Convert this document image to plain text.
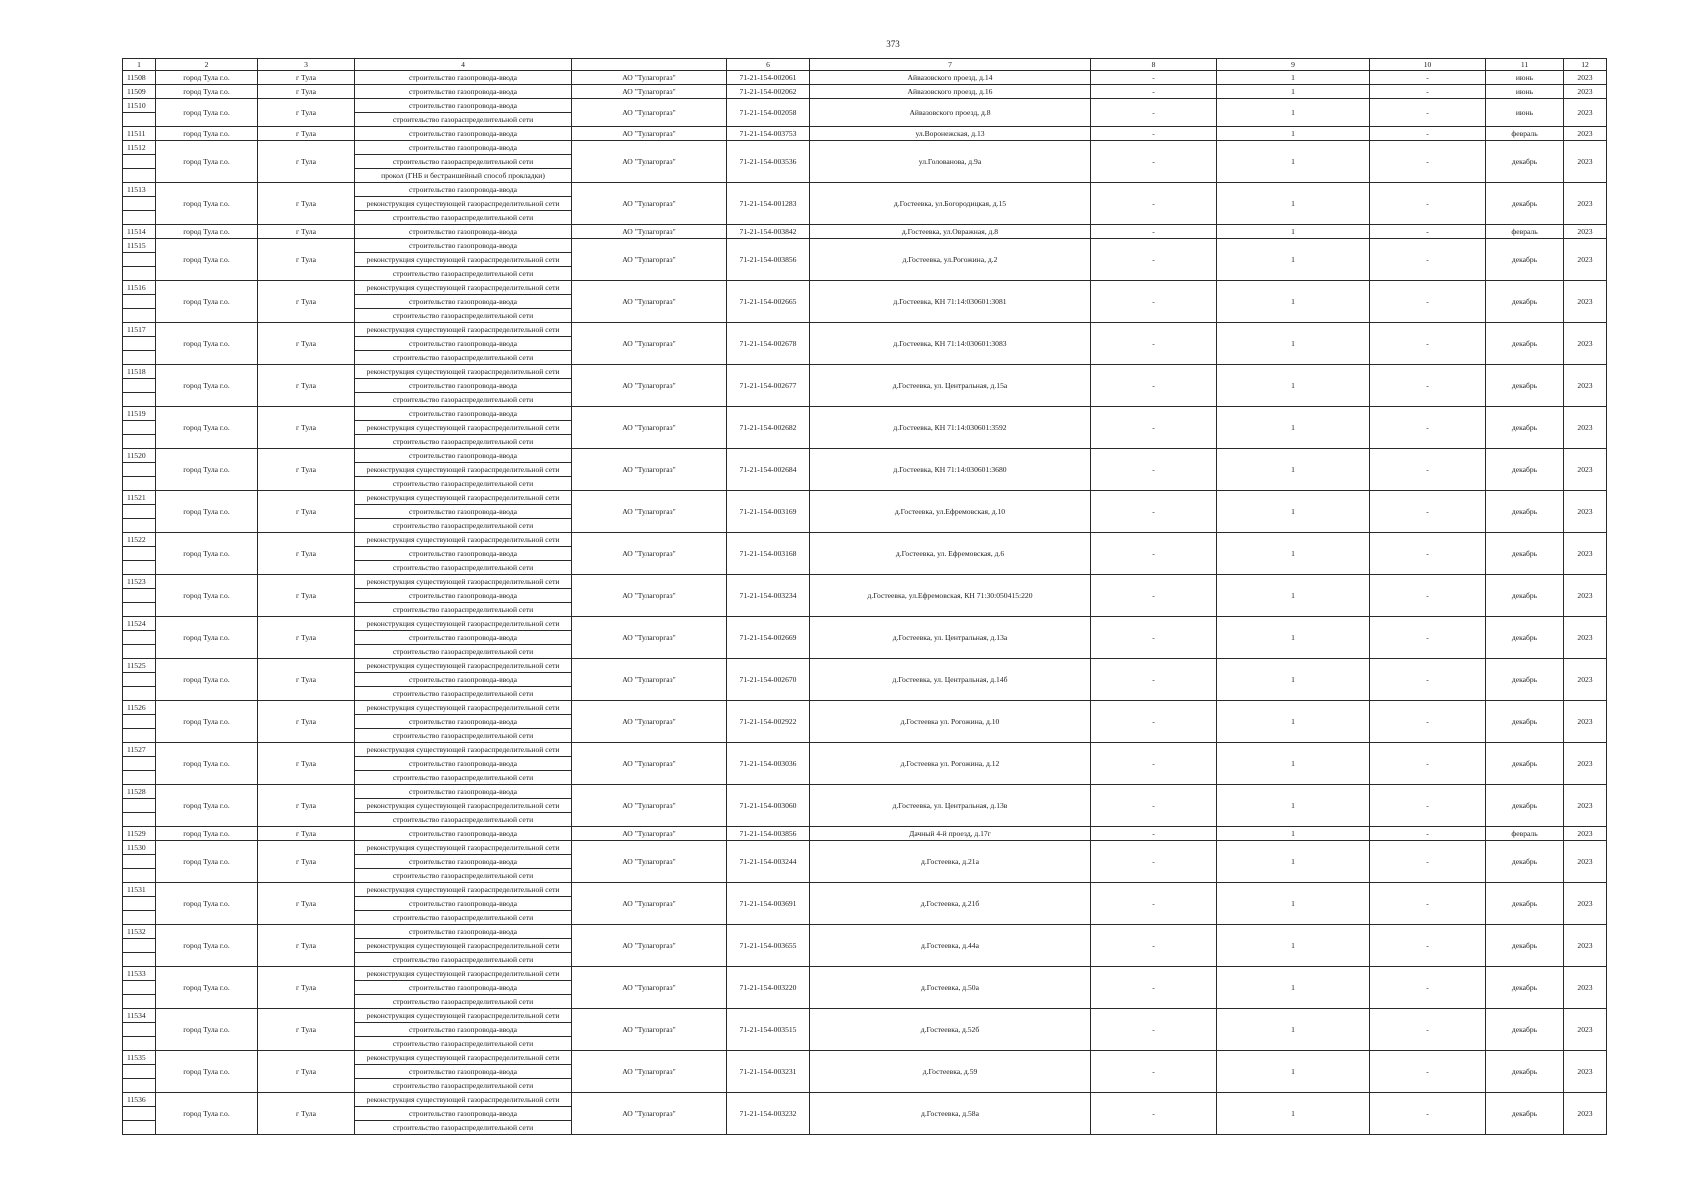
373
1	2	3	4		6	7	8	9	10	11	12
11508	город Тула г.о.	г Тула	строительство газопровода-ввода	АО "Тулагоргаз"	71-21-154-002061	Айвазовского проезд, д.14	-	1	-	июнь	2023
11509	город Тула г.о.	г Тула	строительство газопровода-ввода	АО "Тулагоргаз"	71-21-154-002062	Айвазовского проезд, д.16	-	1	-	июнь	2023
11510	город Тула г.о.	г Тула	строительство газопровода-ввода	АО "Тулагоргаз"	71-21-154-002058	Айвазовского проезд, д.8	-	1	-	июнь	2023
			строительство газораспределительной сети								
11511	город Тула г.о.	г Тула	строительство газопровода-ввода	АО "Тулагоргаз"	71-21-154-003753	ул.Воронежская, д.13	-	1	-	февраль	2023
11512	город Тула г.о.	г Тула	строительство газопровода-ввода	АО "Тулагоргаз"	71-21-154-003536	ул.Голованова, д.9а	-	1	-	декабрь	2023
			строительство газораспределительной сети								
			прокол (ГНБ и бестраншейный способ прокладки)								
11513	город Тула г.о.	г Тула	строительство газопровода-ввода	АО "Тулагоргаз"	71-21-154-001283	д.Гостеевка, ул.Богородицкая, д.15	-	1	-	декабрь	2023
			реконструкция существующей газораспределительной сети								
			строительство газораспределительной сети								
11514	город Тула г.о.	г Тула	строительство газопровода-ввода	АО "Тулагоргаз"	71-21-154-003842	д.Гостеевка, ул.Овражная, д.8	-	1	-	февраль	2023
11515	город Тула г.о.	г Тула	строительство газопровода-ввода	АО "Тулагоргаз"	71-21-154-003856	д.Гостеевка, ул.Рогожина, д.2	-	1	-	декабрь	2023
			реконструкция существующей газораспределительной сети								
			строительство газораспределительной сети								
11516	город Тула г.о.	г Тула	реконструкция существующей газораспределительной сети	АО "Тулагоргаз"	71-21-154-002665	д.Гостеевка, КН 71:14:030601:3081	-	1	-	декабрь	2023
			строительство газопровода-ввода								
			строительство газораспределительной сети								
11517	город Тула г.о.	г Тула	реконструкция существующей газораспределительной сети	АО "Тулагоргаз"	71-21-154-002678	д.Гостеевка, КН 71:14:030601:3083	-	1	-	декабрь	2023
			строительство газопровода-ввода								
			строительство газораспределительной сети								
11518	город Тула г.о.	г Тула	реконструкция существующей газораспределительной сети	АО "Тулагоргаз"	71-21-154-002677	д.Гостеевка, ул. Центральная, д.15а	-	1	-	декабрь	2023
			строительство газопровода-ввода								
			строительство газораспределительной сети								
11519	город Тула г.о.	г Тула	строительство газопровода-ввода	АО "Тулагоргаз"	71-21-154-002682	д.Гостеевка, КН 71:14:030601:3592	-	1	-	декабрь	2023
			реконструкция существующей газораспределительной сети								
			строительство газораспределительной сети								
11520	город Тула г.о.	г Тула	строительство газопровода-ввода	АО "Тулагоргаз"	71-21-154-002684	д.Гостеевка, КН 71:14:030601:3680	-	1	-	декабрь	2023
			реконструкция существующей газораспределительной сети								
			строительство газораспределительной сети								
11521	город Тула г.о.	г Тула	реконструкция существующей газораспределительной сети	АО "Тулагоргаз"	71-21-154-003169	д.Гостеевка, ул.Ефремовская, д.10	-	1	-	декабрь	2023
			строительство газопровода-ввода								
			строительство газораспределительной сети								
11522	город Тула г.о.	г Тула	реконструкция существующей газораспределительной сети	АО "Тулагоргаз"	71-21-154-003168	д.Гостеевка, ул. Ефремовская, д.6	-	1	-	декабрь	2023
			строительство газопровода-ввода								
			строительство газораспределительной сети								
11523	город Тула г.о.	г Тула	реконструкция существующей газораспределительной сети	АО "Тулагоргаз"	71-21-154-003234	д.Гостеевка, ул.Ефремовская, КН 71:30:050415:220	-	1	-	декабрь	2023
			строительство газопровода-ввода								
			строительство газораспределительной сети								
11524	город Тула г.о.	г Тула	реконструкция существующей газораспределительной сети	АО "Тулагоргаз"	71-21-154-002669	д.Гостеевка, ул. Центральная, д.13а	-	1	-	декабрь	2023
			строительство газопровода-ввода								
			строительство газораспределительной сети								
11525	город Тула г.о.	г Тула	реконструкция существующей газораспределительной сети	АО "Тулагоргаз"	71-21-154-002670	д.Гостеевка, ул. Центральная, д.14б	-	1	-	декабрь	2023
			строительство газопровода-ввода								
			строительство газораспределительной сети								
11526	город Тула г.о.	г Тула	реконструкция существующей газораспределительной сети	АО "Тулагоргаз"	71-21-154-002922	д.Гостеевка ул. Рогожина, д.10	-	1	-	декабрь	2023
			строительство газопровода-ввода								
			строительство газораспределительной сети								
11527	город Тула г.о.	г Тула	реконструкция существующей газораспределительной сети	АО "Тулагоргаз"	71-21-154-003036	д.Гостеевка ул. Рогожина, д.12	-	1	-	декабрь	2023
			строительство газопровода-ввода								
			строительство газораспределительной сети								
11528	город Тула г.о.	г Тула	строительство газопровода-ввода	АО "Тулагоргаз"	71-21-154-003060	д.Гостеевка, ул. Центральная, д.13в	-	1	-	декабрь	2023
			реконструкция существующей газораспределительной сети								
			строительство газораспределительной сети								
11529	город Тула г.о.	г Тула	строительство газопровода-ввода	АО "Тулагоргаз"	71-21-154-003856	Дачный 4-й проезд, д.17г	-	1	-	февраль	2023
11530	город Тула г.о.	г Тула	реконструкция существующей газораспределительной сети	АО "Тулагоргаз"	71-21-154-003244	д.Гостеевка, д.21а	-	1	-	декабрь	2023
			строительство газопровода-ввода								
			строительство газораспределительной сети								
11531	город Тула г.о.	г Тула	реконструкция существующей газораспределительной сети	АО "Тулагоргаз"	71-21-154-003691	д.Гостеевка, д.21б	-	1	-	декабрь	2023
			строительство газопровода-ввода								
			строительство газораспределительной сети								
11532	город Тула г.о.	г Тула	строительство газопровода-ввода	АО "Тулагоргаз"	71-21-154-003655	д.Гостеевка, д.44а	-	1	-	декабрь	2023
			реконструкция существующей газораспределительной сети								
			строительство газораспределительной сети								
11533	город Тула г.о.	г Тула	реконструкция существующей газораспределительной сети	АО "Тулагоргаз"	71-21-154-003220	д.Гостеевка, д.50а	-	1	-	декабрь	2023
			строительство газопровода-ввода								
			строительство газораспределительной сети								
11534	город Тула г.о.	г Тула	реконструкция существующей газораспределительной сети	АО "Тулагоргаз"	71-21-154-003515	д.Гостеевка, д.52б	-	1	-	декабрь	2023
			строительство газопровода-ввода								
			строительство газораспределительной сети								
11535	город Тула г.о.	г Тула	реконструкция существующей газораспределительной сети	АО "Тулагоргаз"	71-21-154-003231	д.Гостеевка, д.59	-	1	-	декабрь	2023
			строительство газопровода-ввода								
			строительство газораспределительной сети								
11536	город Тула г.о.	г Тула	реконструкция существующей газораспределительной сети	АО "Тулагоргаз"	71-21-154-003232	д.Гостеевка, д.58а	-	1	-	декабрь	2023
			строительство газопровода-ввода								
			строительство газораспределительной сети								
